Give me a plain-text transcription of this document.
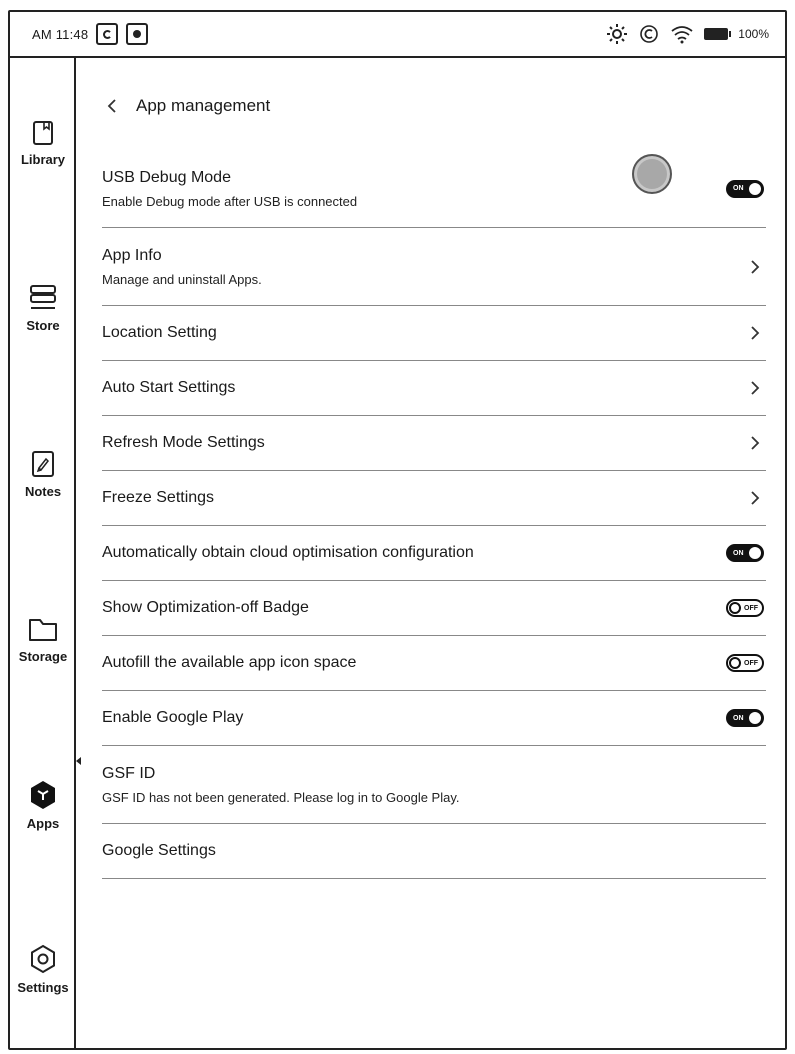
AM 11:48	100%
Library
Store
Notes
Storage
Apps
Settings
App management
USB Debug Mode
Enable Debug mode after USB is connected
ON
App Info
Manage and uninstall Apps.
Location Setting
Auto Start Settings
Refresh Mode Settings
Freeze Settings
Automatically obtain cloud optimisation configuration	ON
Show Optimization-off Badge	OFF
Autofill the available app icon space	OFF
Enable Google Play	ON
GSF ID
GSF ID has not been generated. Please log in to Google Play.
Google Settings
